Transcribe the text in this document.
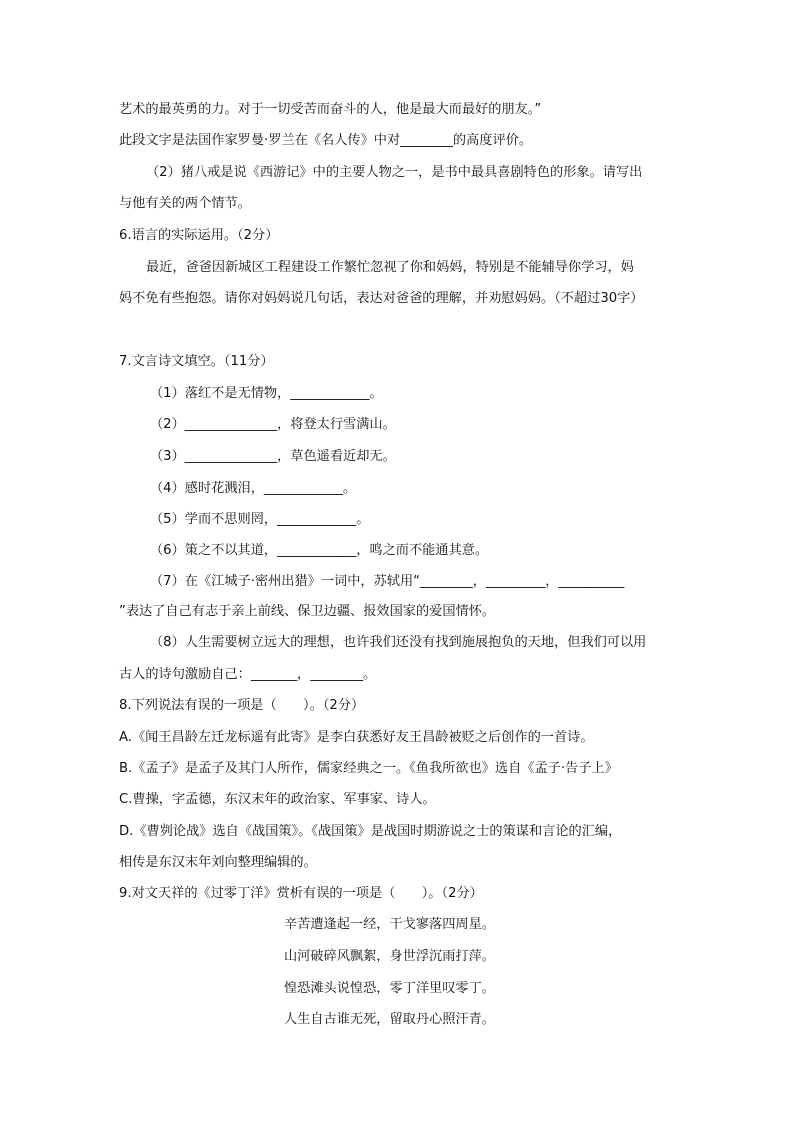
艺术的最英勇的力。对于一切受苦而奋斗的人，他是最大而最好的朋友。”
此段文字是法国作家罗曼·罗兰在《名人传》中对________的高度评价。
（2）猪八戒是说《西游记》中的主要人物之一，是书中最具喜剧特色的形象。请写出
与他有关的两个情节。
6.语言的实际运用。（2分）
最近，爸爸因新城区工程建设工作繁忙忽视了你和妈妈，特别是不能辅导你学习，妈
妈不免有些抱怨。请你对妈妈说几句话，表达对爸爸的理解，并劝慰妈妈。（不超过30字）
7.文言诗文填空。（11分）
（1）落红不是无情物，____________。
（2）______________，将登太行雪满山。
（3）______________，草色遥看近却无。
（4）感时花溅泪，____________。
（5）学而不思则罔，____________。
（6）策之不以其道，____________，鸣之而不能通其意。
（7）在《江城子·密州出猎》一词中，苏轼用“________，_________，__________
”表达了自己有志于亲上前线、保卫边疆、报效国家的爱国情怀。
（8）人生需要树立远大的理想，也许我们还没有找到施展抱负的天地，但我们可以用
古人的诗句激励自己：_______，________。
8.下列说法有误的一项是（　　）。（2分）
A.《闻王昌龄左迁龙标遥有此寄》是李白获悉好友王昌龄被贬之后创作的一首诗。
B.《孟子》是孟子及其门人所作，儒家经典之一。《鱼我所欲也》选自《孟子·告子上》
C.曹操，字孟德，东汉末年的政治家、军事家、诗人。
D.《曹刿论战》选自《战国策》。《战国策》是战国时期游说之士的策谋和言论的汇编，
相传是东汉末年刘向整理编辑的。
9.对文天祥的《过零丁洋》赏析有误的一项是（　　）。（2分）
辛苦遭逢起一经，干戈寥落四周星。
山河破碎风飘絮，身世浮沉雨打萍。
惶恐滩头说惶恐，零丁洋里叹零丁。
人生自古谁无死，留取丹心照汗青。
